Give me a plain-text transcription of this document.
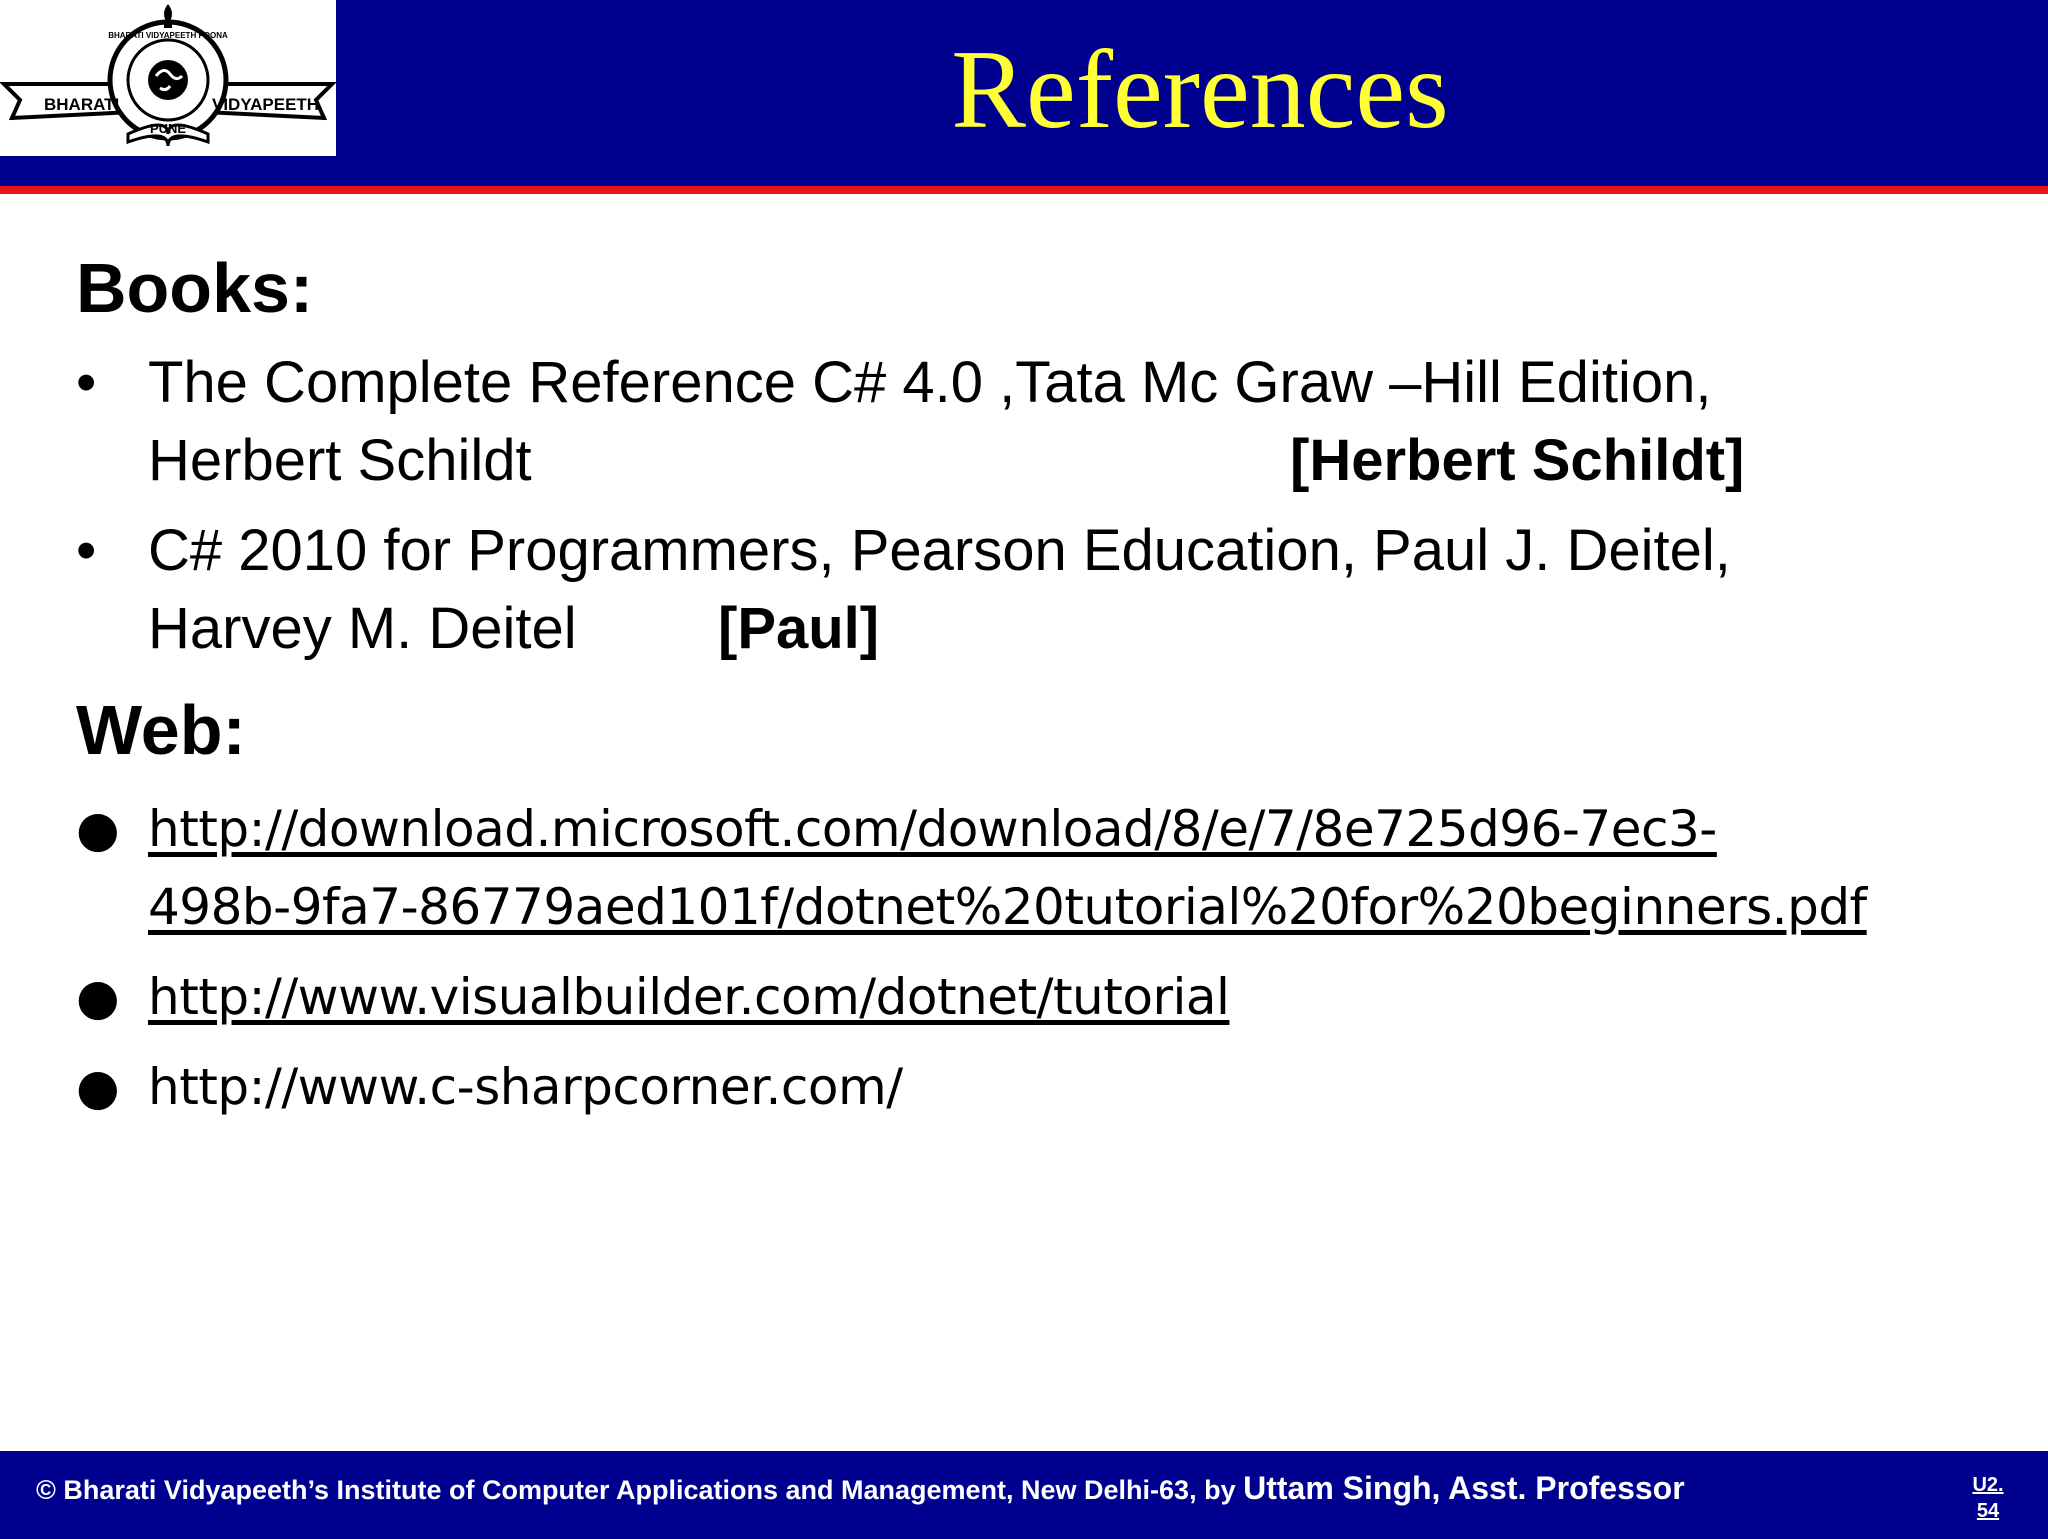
BHARATI	VIDYAPEETH
BHARATI VIDYAPEETH POONA
PUNE	References
Books:
• The Complete Reference C# 4.0 ,Tata Mc Graw –Hill Edition,
Herbert Schildt	[Herbert Schildt]
• C# 2010 for Programmers, Pearson Education, Paul J. Deitel,
Harvey M. Deitel [Paul]
Web:
● http://download.microsoft.com/download/8/e/7/8e725d96-7ec3-
498b-9fa7-86779aed101f/dotnet%20tutorial%20for%20beginners.pdf
● http://www.visualbuilder.com/dotnet/tutorial
● http://www.c-sharpcorner.com/
© Bharati Vidyapeeth’s Institute of Computer Applications and Management, New Delhi-63, by Uttam Singh, Asst. Professor	U2.
54
